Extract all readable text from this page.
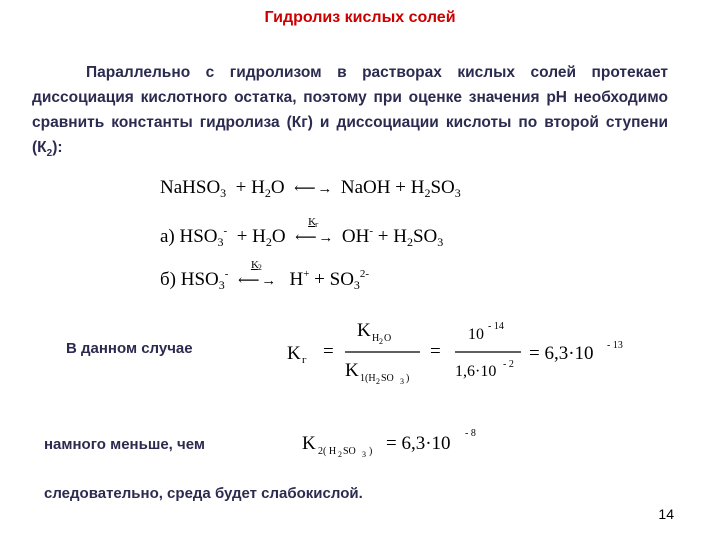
Гидролиз кислых солей

Параллельно с гидролизом в растворах кислых солей протекает диссоциация кислотного остатка, поэтому при оценке значения рН необходимо сравнить константы гидролиза (Кг) и диссоциации кислоты по второй ступени $(К_2)$:

NaHSO$_3$ + $H_2O$ ⟵ → NaOH + $H_2SO_3$
а) $HSO_3^- + H_2O$
$K_г$
⟵ → $OH^- + H_2SO_3$
б) $HSO_3^-$
$K_2$
⟵ → $H^+ + SO_3^{2-}$
В данном случае	K г =
K H 2 O
K 1(H 2 SO 3 )
=
10 - 14
1,6·10 - 2
= 6,3·10 - 13
намного меньше, чем	K 2( H 2 SO 3 ) = 6,3·10 - 8
следовательно, среда будет слабокислой.
14
